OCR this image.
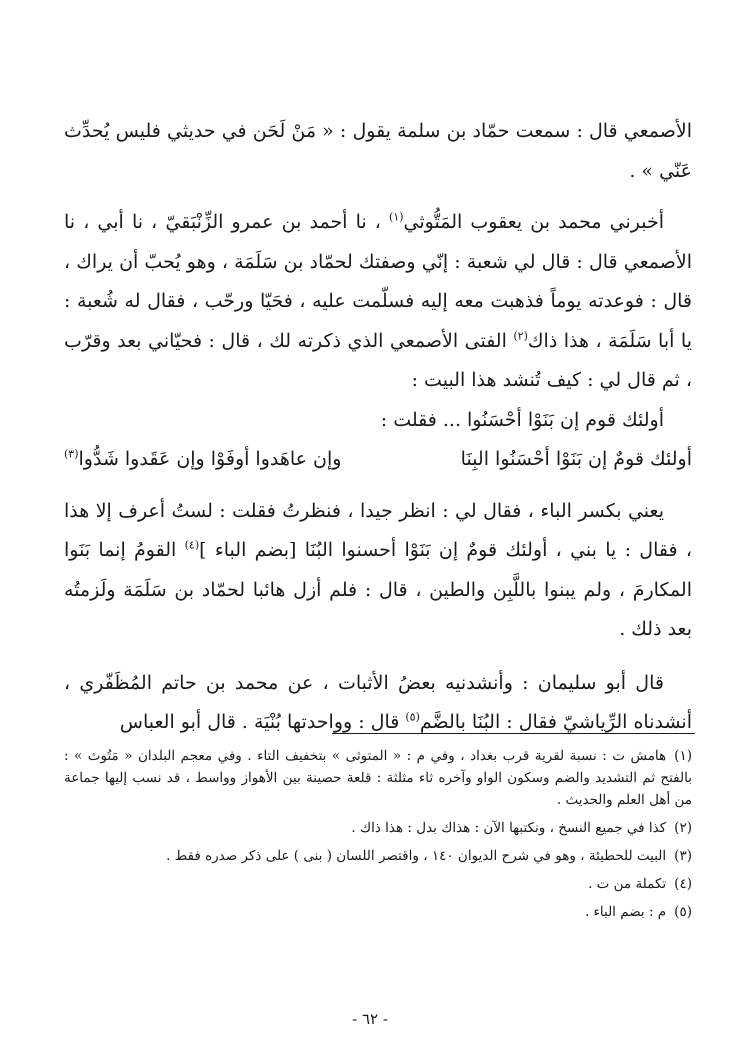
الأصمعي قال : سمعت حمّاد بن سلمة يقول : « مَنْ لَحَن في حديثي فليس يُحدِّث عَنّي » .

أخبرني محمد بن يعقوب المَتُّوثي$^{(١)}$ ، نا أحمد بن عمرو الزِّنْبَقيّ ، نا أبي ، نا الأصمعي قال : قال لي شعبة : إنّي وصفتك لحمّاد بن سَلَمَة ، وهو يُحبّ أن يراك ، قال : فوعدته يوماً فذهبت معه إليه فسلّمت عليه ، فحَيّا ورحّب ، فقال له شُعبة : يا أبا سَلَمَة ، هذا ذاك$^{(٢)}$ الفتى الأصمعي الذي ذكرته لك ، قال : فحيّاني بعد وقرّب ، ثم قال لي : كيف تُنشد هذا البيت :

أولئك قوم إن بَنَوْا أحْسَنُوا ... فقلت :

أولئك قومٌ إن بَنَوْا أحْسَنُوا البِنَا
وإن عاهَدوا أوفَوْا وإن عَقَدوا شَدُّوا$^{(٣)}$

يعني بكسر الباء ، فقال لي : انظر جيدا ، فنظرتُ فقلت : لستُ أعرف إلا هذا ، فقال : يا بني ، أولئك قومٌ إن بَنَوْا أحسنوا البُنَا [بضم الباء ]$^{(٤)}$ القومُ إنما بَنَوا المكارمَ ، ولم يبنوا باللَّبِن والطين ، قال : فلم أزل هائبا لحمّاد بن سَلَمَة ولَزمتُه بعد ذلك .

قال أبو سليمان : وأنشدنيه بعضُ الأثبات ، عن محمد بن حاتم المُظَفّري ، أنشدناه الرِّياشيّ فقال : البُنَا بالضَّم$^{(٥)}$ قال : وواحدتها بُنْيَة . قال أبو العباس

(١)هامش ت : نسبة لقرية قرب بغداد ، وفي م : « المتوثى » بتخفيف التاء . وفي معجم البلدان « مَتُوث » : بالفتح ثم التشديد والضم وسكون الواو وآخره ثاء مثلثة : قلعة حصينة بين الأهواز وواسط ، قد نسب إليها جماعة من أهل العلم والحديث .

(٢)كذا في جميع النسخ ، ونكتبها الآن : هذاك بدل : هذا ذاك .

(٣)البيت للحطيئة ، وهو في شرح الديوان ١٤٠ ، واقتصر اللسان ( بنى ) على ذكر صدره فقط .

(٤)تكملة من ت .

(٥)م : بضم الباء .

- ٦٢ -
